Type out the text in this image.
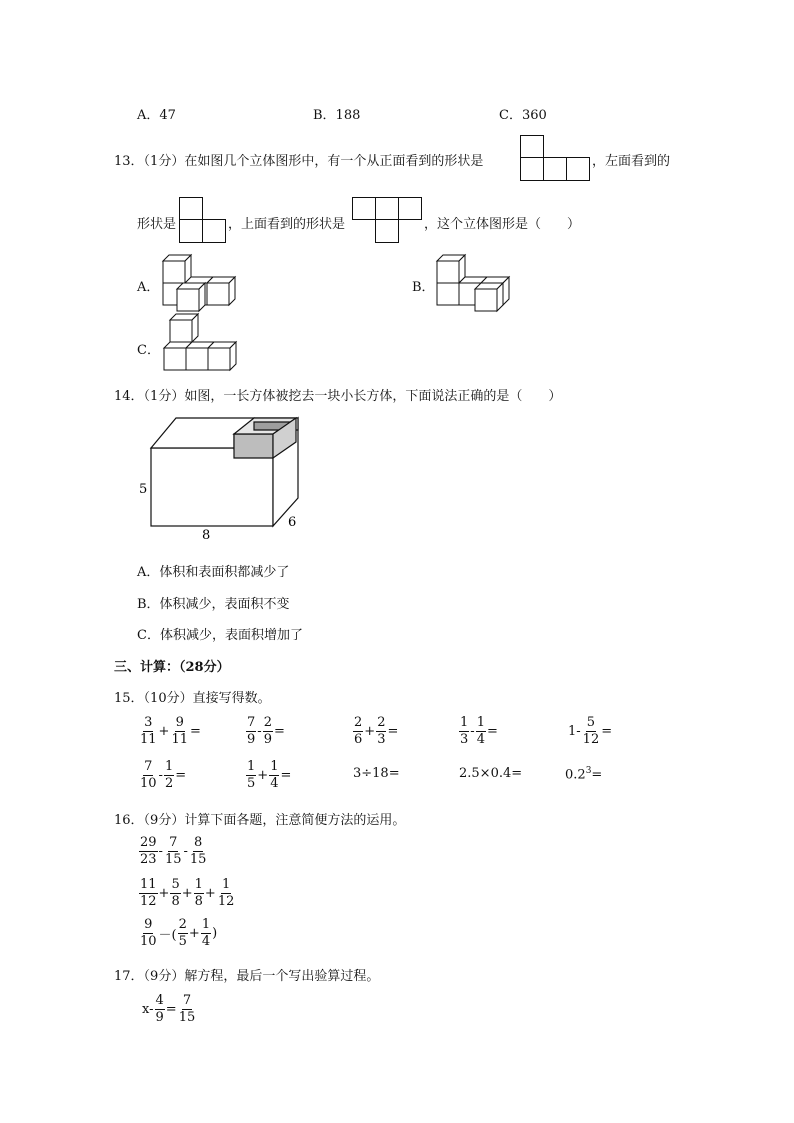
A．47	B．188	C．360
13．（1分）在如图几个立体图形中，有一个从正面看到的形状是	，左面看到的
形状是	，上面看到的形状是	，这个立体图形是（　　）
A．	B．
C．
14．（1分）如图，一长方体被挖去一块小长方体，下面说法正确的是（　　）
5
8
6
A．体积和表面积都减少了
B．体积减少，表面积不变
C．体积减少，表面积增加了
三、计算：（28分）
15．（10分）直接写得数。
$\frac{3}{11} + \frac{9}{11}$ =	$\frac{7}{9} - \frac{2}{9}$ =	$\frac{2}{6} + \frac{2}{3}$ =	$\frac{1}{3} - \frac{1}{4}$ =	$1- \frac{5}{12}$ =
$\frac{7}{10} - \frac{1}{2}$ =	$\frac{1}{5} + \frac{1}{4}$ =	3÷18=	2.5×0.4=	$0.2^3=$
16．（9分）计算下面各题，注意简便方法的运用。
$\frac{29}{23} - \frac{7}{15} - \frac{8}{15}$
$\frac{11}{12} + \frac{5}{8} + \frac{1}{8} + \frac{1}{12}$
$\frac{9}{10}$ －( $\frac{2}{5} + \frac{1}{4}$ )
17．（9分）解方程，最后一个写出验算过程。
$x- \frac{4}{9} = \frac{7}{15}$
